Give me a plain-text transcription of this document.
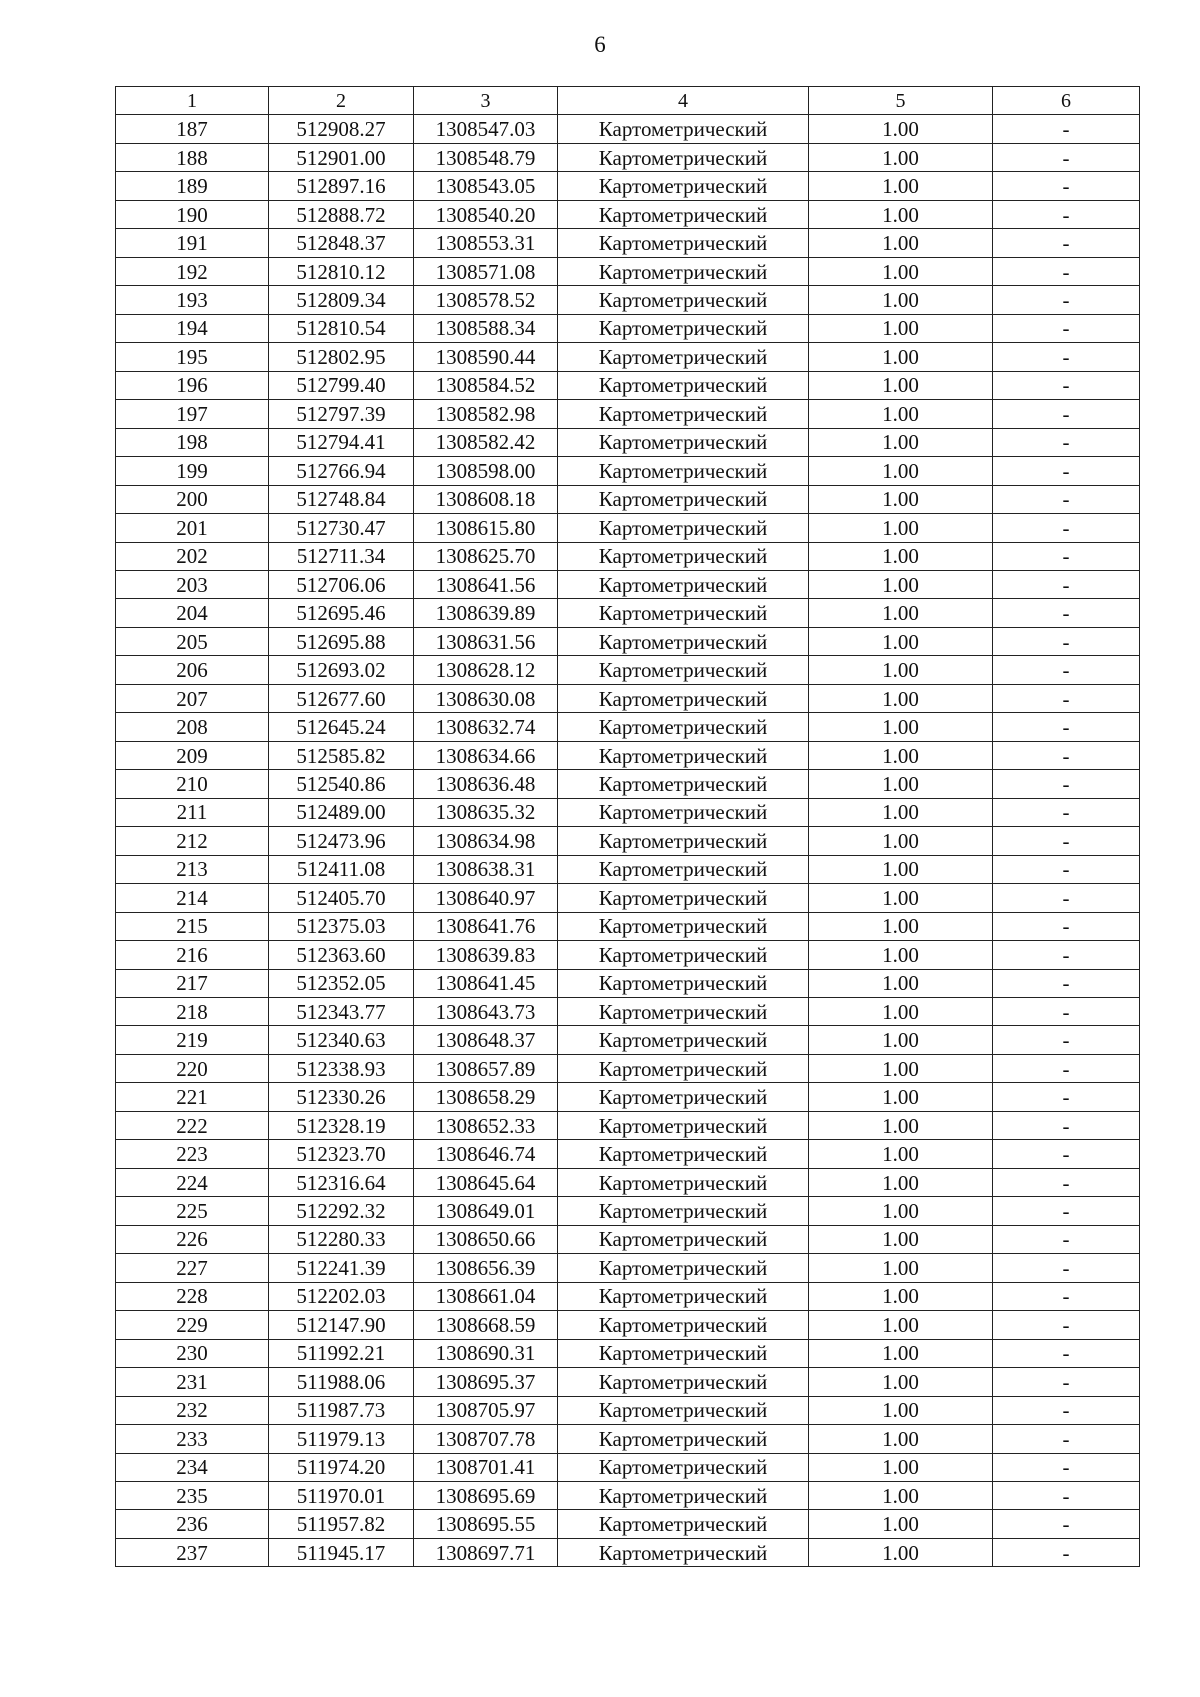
6
1	2	3	4	5	6
187	512908.27	1308547.03	Картометрический	1.00	-
188	512901.00	1308548.79	Картометрический	1.00	-
189	512897.16	1308543.05	Картометрический	1.00	-
190	512888.72	1308540.20	Картометрический	1.00	-
191	512848.37	1308553.31	Картометрический	1.00	-
192	512810.12	1308571.08	Картометрический	1.00	-
193	512809.34	1308578.52	Картометрический	1.00	-
194	512810.54	1308588.34	Картометрический	1.00	-
195	512802.95	1308590.44	Картометрический	1.00	-
196	512799.40	1308584.52	Картометрический	1.00	-
197	512797.39	1308582.98	Картометрический	1.00	-
198	512794.41	1308582.42	Картометрический	1.00	-
199	512766.94	1308598.00	Картометрический	1.00	-
200	512748.84	1308608.18	Картометрический	1.00	-
201	512730.47	1308615.80	Картометрический	1.00	-
202	512711.34	1308625.70	Картометрический	1.00	-
203	512706.06	1308641.56	Картометрический	1.00	-
204	512695.46	1308639.89	Картометрический	1.00	-
205	512695.88	1308631.56	Картометрический	1.00	-
206	512693.02	1308628.12	Картометрический	1.00	-
207	512677.60	1308630.08	Картометрический	1.00	-
208	512645.24	1308632.74	Картометрический	1.00	-
209	512585.82	1308634.66	Картометрический	1.00	-
210	512540.86	1308636.48	Картометрический	1.00	-
211	512489.00	1308635.32	Картометрический	1.00	-
212	512473.96	1308634.98	Картометрический	1.00	-
213	512411.08	1308638.31	Картометрический	1.00	-
214	512405.70	1308640.97	Картометрический	1.00	-
215	512375.03	1308641.76	Картометрический	1.00	-
216	512363.60	1308639.83	Картометрический	1.00	-
217	512352.05	1308641.45	Картометрический	1.00	-
218	512343.77	1308643.73	Картометрический	1.00	-
219	512340.63	1308648.37	Картометрический	1.00	-
220	512338.93	1308657.89	Картометрический	1.00	-
221	512330.26	1308658.29	Картометрический	1.00	-
222	512328.19	1308652.33	Картометрический	1.00	-
223	512323.70	1308646.74	Картометрический	1.00	-
224	512316.64	1308645.64	Картометрический	1.00	-
225	512292.32	1308649.01	Картометрический	1.00	-
226	512280.33	1308650.66	Картометрический	1.00	-
227	512241.39	1308656.39	Картометрический	1.00	-
228	512202.03	1308661.04	Картометрический	1.00	-
229	512147.90	1308668.59	Картометрический	1.00	-
230	511992.21	1308690.31	Картометрический	1.00	-
231	511988.06	1308695.37	Картометрический	1.00	-
232	511987.73	1308705.97	Картометрический	1.00	-
233	511979.13	1308707.78	Картометрический	1.00	-
234	511974.20	1308701.41	Картометрический	1.00	-
235	511970.01	1308695.69	Картометрический	1.00	-
236	511957.82	1308695.55	Картометрический	1.00	-
237	511945.17	1308697.71	Картометрический	1.00	-
